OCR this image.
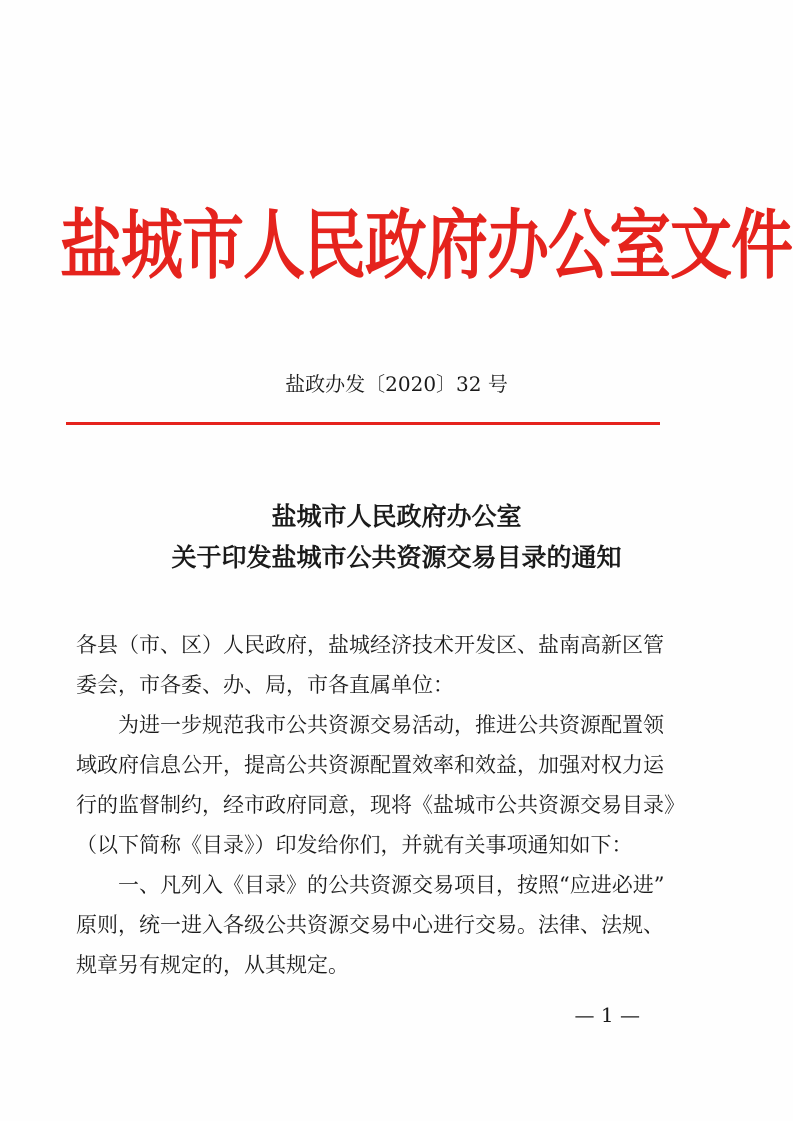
盐城市人民政府办公室文件
盐政办发〔2020〕32 号
盐城市人民政府办公室
关于印发盐城市公共资源交易目录的通知
各县（市、区）人民政府，盐城经济技术开发区、盐南高新区管
委会，市各委、办、局，市各直属单位：
为进一步规范我市公共资源交易活动，推进公共资源配置领
域政府信息公开，提高公共资源配置效率和效益，加强对权力运
行的监督制约，经市政府同意，现将《盐城市公共资源交易目录》
（以下简称《目录》）印发给你们，并就有关事项通知如下：
一、凡列入《目录》的公共资源交易项目，按照“应进必进”
原则，统一进入各级公共资源交易中心进行交易。法律、法规、
规章另有规定的，从其规定。
— 1 —
